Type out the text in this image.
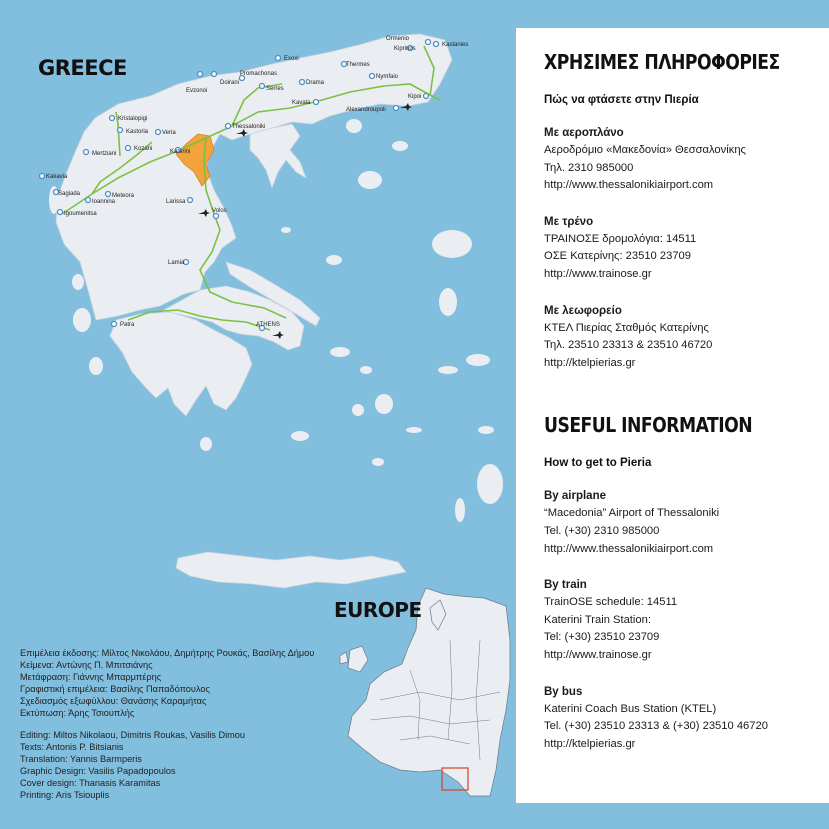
Ormenio
Kiprinos
Kastanies
Evzonoi
Doirani
Promachonas
Exoxi
Serres
Drama
Thermes
Nymfaio
Kipoi
Alexandroupoli
Kavala
Kristalopigi
Veria
Thessaloniki
Kastoria
Kozani
Mertziani	Katerini
Kakavia
Sagiada
Ioannina
Meteora
Larissa
Igoumenitsa	Volos
Lamia
ATHENS
Patra
GREECE
EUROPE

Επιμέλεια έκδοσης: Μίλτος Νικολάου, Δημήτρης Ρουκάς, Βασίλης Δήμου

Κείμενα: Αντώνης Π. Μπιτσιάνης

Μετάφραση: Γιάννης Μπαρμπέρης

Γραφιστική επιμέλεια: Βασίλης Παπαδόπουλος

Σχεδιασμός εξωφύλλου: Θανάσης Καραμήτας

Εκτύπωση: Άρης Τσιουπλής

Editing: Miltos Nikolaou, Dimitris Roukas, Vasilis Dimou

Texts: Antonis P. Bitsianis

Translation: Yannis Barmperis

Graphic Design: Vasilis Papadopoulos

Cover design: Thanasis Karamitas

Printing: Aris Tsiouplis

ΧΡΗΣΙΜΕΣ ΠΛΗΡΟΦΟΡΙΕΣ

Πώς να φτάσετε στην Πιερία

Με αεροπλάνο

Αεροδρόμιο «Μακεδονία» Θεσσαλονίκης

Τηλ. 2310 985000

http://www.thessalonikiairport.com

Με τρένο

ΤΡΑΙΝΟΣΕ δρομολόγια: 14511

ΟΣΕ Κατερίνης: 23510 23709

http://www.trainose.gr

Με λεωφορείο

ΚΤΕΛ Πιερίας Σταθμός Κατερίνης

Τηλ. 23510 23313 & 23510 46720

http://ktelpierias.gr

USEFUL INFORMATION

How to get to Pieria

By airplane

“Macedonia” Airport of Thessaloniki

Tel. (+30) 2310 985000

http://www.thessalonikiairport.com

By train

TrainOSE schedule: 14511

Katerini Train Station:

Tel: (+30) 23510 23709

http://www.trainose.gr

By bus

Katerini Coach Bus Station (KTEL)

Tel. (+30) 23510 23313 & (+30) 23510 46720

http://ktelpierias.gr
